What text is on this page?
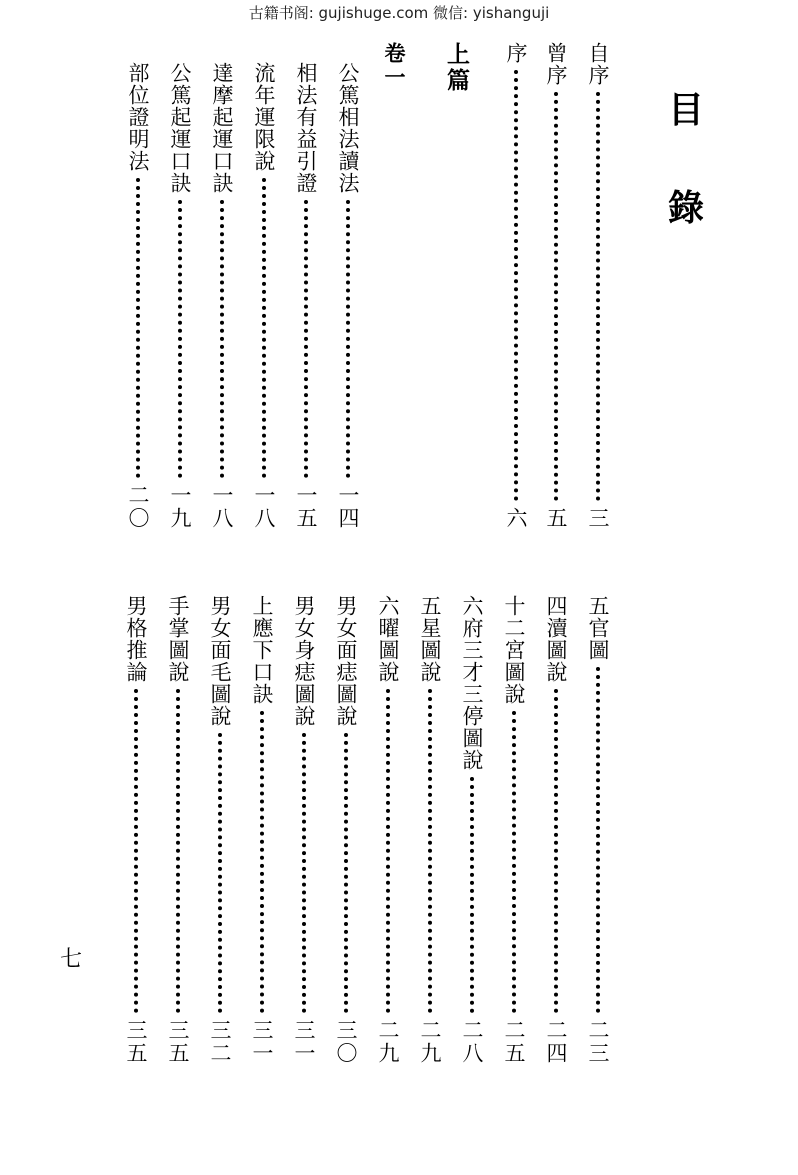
古籍书阁: gujishuge.com 微信: yishanguji
目
錄
上篇
卷一	自序
三
曾序
五
序
六
公篤相法讀法
一四
相法有益引證
一五
流年運限說
一八
達摩起運口訣
一八
公篤起運口訣
一九
部位證明法
二〇
五官圖
二三
四瀆圖說
二四
十二宮圖說
二五
六府三才三停圖說
二八
五星圖說
二九
六曜圖說
二九
男女面痣圖說
三〇
男女身痣圖說
三一
上應下口訣
三一
男女面毛圖說
三二
手掌圖說
三五
男格推論
三五
七
